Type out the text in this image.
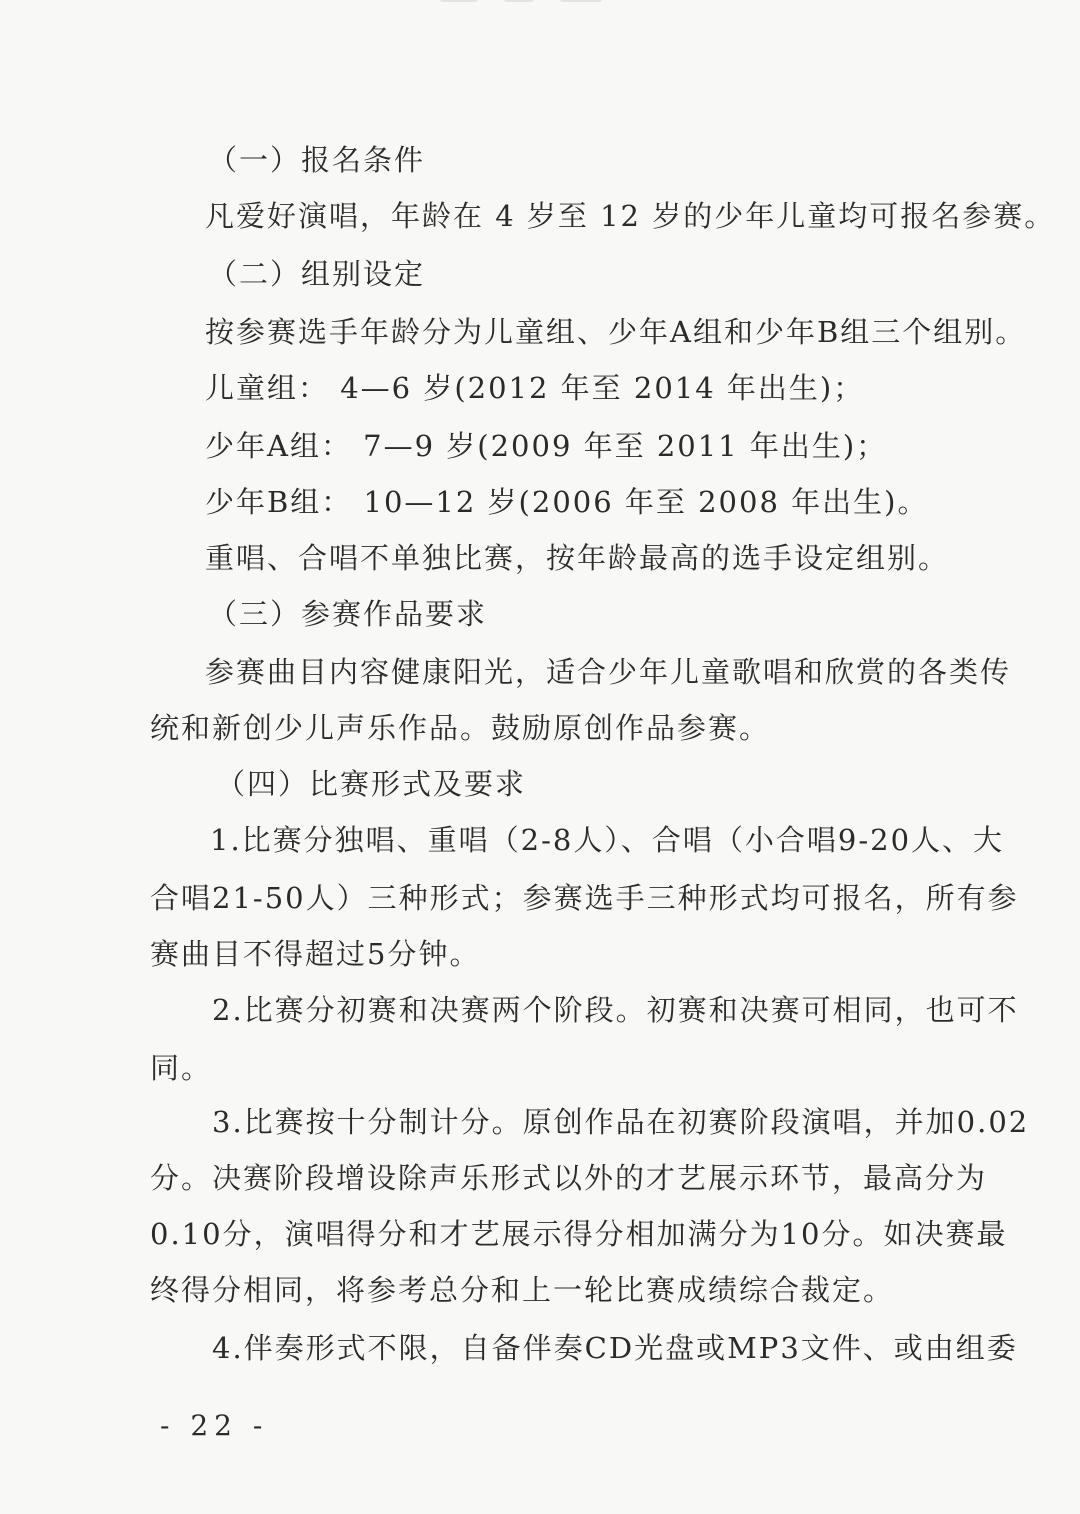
（一）报名条件
凡爱好演唱，年龄在 4 岁至 12 岁的少年儿童均可报名参赛。
（二）组别设定
按参赛选手年龄分为儿童组、少年A组和少年B组三个组别。
儿童组： 4—6 岁(2012 年至 2014 年出生)；
少年A组： 7—9 岁(2009 年至 2011 年出生)；
少年B组： 10—12 岁(2006 年至 2008 年出生)。
重唱、合唱不单独比赛，按年龄最高的选手设定组别。
（三）参赛作品要求
参赛曲目内容健康阳光，适合少年儿童歌唱和欣赏的各类传
统和新创少儿声乐作品。鼓励原创作品参赛。
（四）比赛形式及要求
1.比赛分独唱、重唱（2-8人）、合唱（小合唱9-20人、大
合唱21-50人）三种形式；参赛选手三种形式均可报名，所有参
赛曲目不得超过5分钟。
2.比赛分初赛和决赛两个阶段。初赛和决赛可相同，也可不
同。
3.比赛按十分制计分。原创作品在初赛阶段演唱，并加0.02
分。决赛阶段增设除声乐形式以外的才艺展示环节，最高分为
0.10分，演唱得分和才艺展示得分相加满分为10分。如决赛最
终得分相同，将参考总分和上一轮比赛成绩综合裁定。
4.伴奏形式不限，自备伴奏CD光盘或MP3文件、或由组委
- 22 -
